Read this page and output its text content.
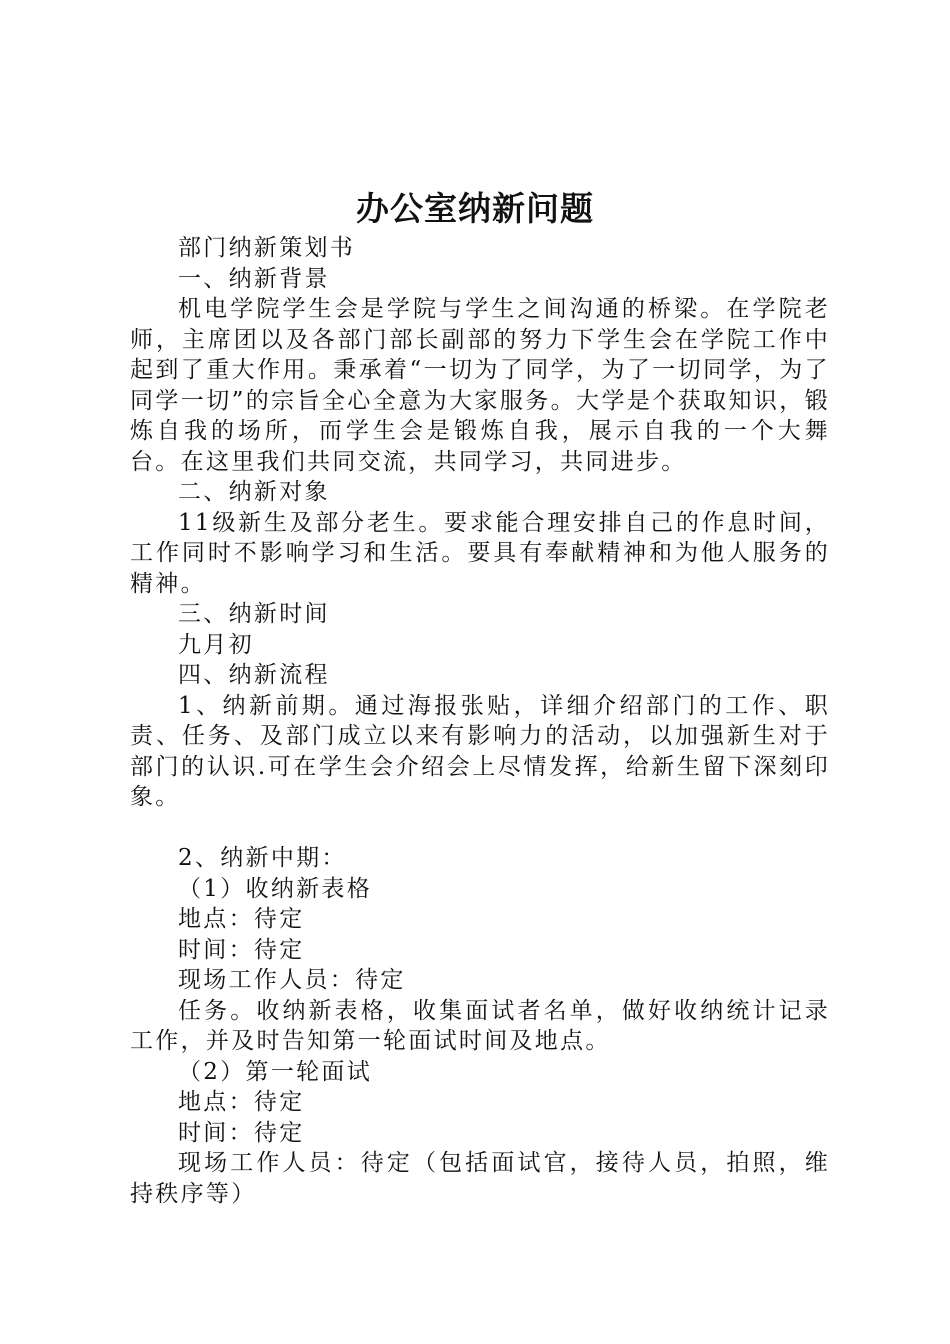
办公室纳新问题

部门纳新策划书

一、纳新背景

机电学院学生会是学院与学生之间沟通的桥梁。在学院老师，主席团以及各部门部长副部的努力下学生会在学院工作中起到了重大作用。秉承着“一切为了同学，为了一切同学，为了同学一切”的宗旨全心全意为大家服务。大学是个获取知识，锻炼自我的场所，而学生会是锻炼自我，展示自我的一个大舞台。在这里我们共同交流，共同学习，共同进步。

二、纳新对象

11级新生及部分老生。要求能合理安排自己的作息时间，工作同时不影响学习和生活。要具有奉献精神和为他人服务的精神。

三、纳新时间

九月初

四、纳新流程

1、纳新前期。通过海报张贴，详细介绍部门的工作、职责、任务、及部门成立以来有影响力的活动，以加强新生对于部门的认识.可在学生会介绍会上尽情发挥，给新生留下深刻印象。

2、纳新中期：

（1）收纳新表格

地点：待定

时间：待定

现场工作人员：待定

任务。收纳新表格，收集面试者名单，做好收纳统计记录工作，并及时告知第一轮面试时间及地点。

（2）第一轮面试

地点：待定

时间：待定

现场工作人员：待定（包括面试官，接待人员，拍照，维持秩序等）
